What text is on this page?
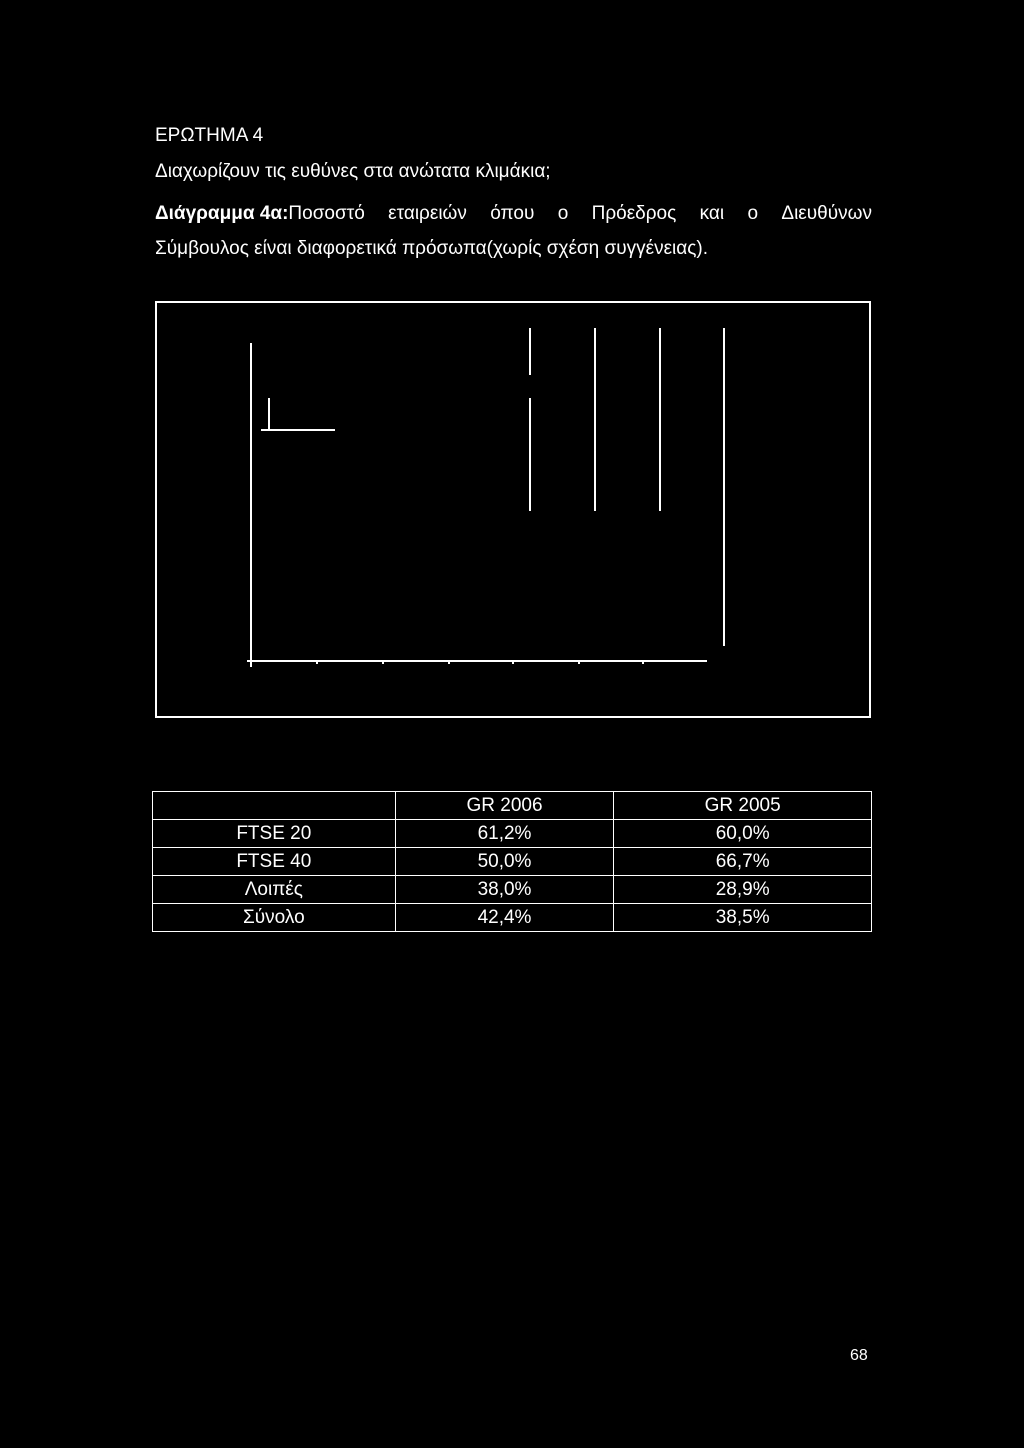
ΕΡΩΤΗΜΑ 4
Διαχωρίζουν τις ευθύνες στα ανώτατα κλιμάκια;
Διάγραμμα 4α:Ποσοστό εταιρειών όπου ο Πρόεδρος και ο Διευθύνων
Σύμβουλος είναι διαφορετικά πρόσωπα(χωρίς σχέση συγγένειας).
	GR 2006	GR 2005
FTSE 20	61,2%	60,0%
FTSE 40	50,0%	66,7%
Λοιπές	38,0%	28,9%
Σύνολο	42,4%	38,5%
68
